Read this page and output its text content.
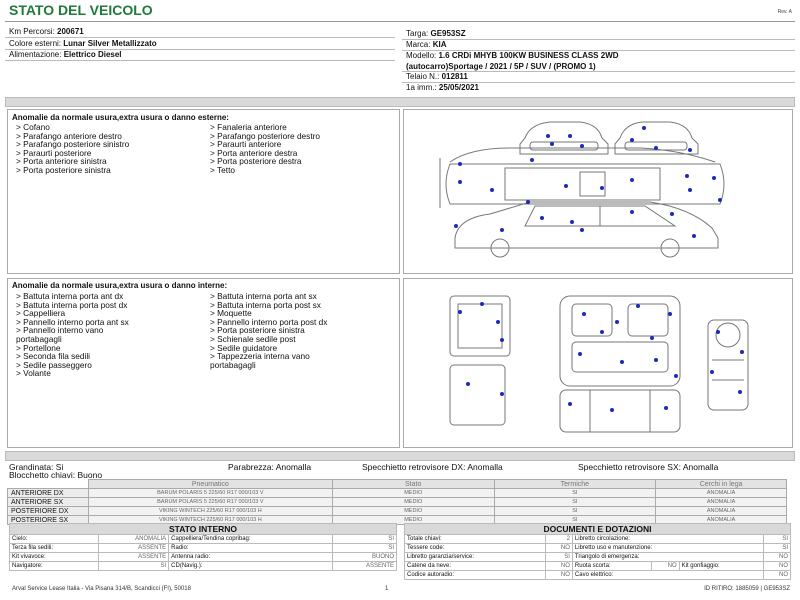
STATO DEL VEICOLO	Rev. A
Km Percorsi: 200671
Colore esterni: Lunar Silver Metallizzato
Alimentazione: Elettrico Diesel
Targa: GE953SZ
Marca: KIA
Modello: 1.6 CRDi MHYB 100KW BUSINESS CLASS 2WD
(autocarro)Sportage / 2021 / 5P / SUV / (PROMO 1)
Telaio N.: 012811
1a imm.: 25/05/2021
Anomalie da normale usura,extra usura o danno esterne:
> Cofano
> Parafango anteriore destro
> Parafango posteriore sinistro
> Paraurti posteriore
> Porta anteriore sinistra
> Porta posteriore sinistra
> Fanaleria anteriore
> Parafango posteriore destro
> Paraurti anteriore
> Porta anteriore destra
> Porta posteriore destra
> Tetto
Anomalie da normale usura,extra usura o danno interne:
> Battuta interna porta ant dx
> Battuta interna porta post dx
> Cappelliera
> Pannello interno porta ant sx
> Pannello interno vano
portabagagli
> Portellone
> Seconda fila sedili
> Sedile passeggero
> Volante
> Battuta interna porta ant sx
> Battuta interna porta post sx
> Moquette
> Pannello interno porta post dx
> Porta posteriore sinistra
> Schienale sedile post
> Sedile guidatore
> Tappezzeria interna vano
portabagagli
Grandinata: Si
Blocchetto chiavi: Buono
Parabrezza: Anomalla	Specchietto retrovisore DX: Anomalla	Specchietto retrovisore SX: Anomalla
	Pneumatico	Stato	Termiche	Cerchi in lega
ANTERIORE DX	BARUM POLARIS 5 225/60 R17 000/103 V	MEDIO	SI	ANOMALIA
ANTERIORE SX	BARUM POLARIS 5 225/60 R17 000/103 V	MEDIO	SI	ANOMALIA
POSTERIORE DX	VIKING WINTECH 225/60 R17 000/103 H	MEDIO	SI	ANOMALIA
POSTERIORE SX	VIKING WINTECH 225/60 R17 000/103 H	MEDIO	SI	ANOMALIA
STATO INTERNO			
Cielo:	ANOMALIA	Cappelliera/Tendina copribag:	SI
Terza fila sedili:	ASSENTE	Radio:	SI
Kit vivavoce:	ASSENTE	Antenna radio:	BUONO
Navigatore:	SI	CD(Navig.):	ASSENTE
DOCUMENTI E DOTAZIONI					
Totale chiavi:	2	Libretto circolazione:			SI
Tessere code:	NO	Libretto uso e manutenzione:			SI
Libretto garanzia/service:	SI	Triangolo di emergenza:			NO
Catene da neve:	NO	Ruota scorta:	NO	Kit gonfiaggio:	NO
Codice autoradio:	NO	Cavo elettrico:			NO
Arval Service Lease Italia - Via Pisana 314/B, Scandicci (FI), 50018	1	ID RITIRO: 1885059 | GE953SZ
